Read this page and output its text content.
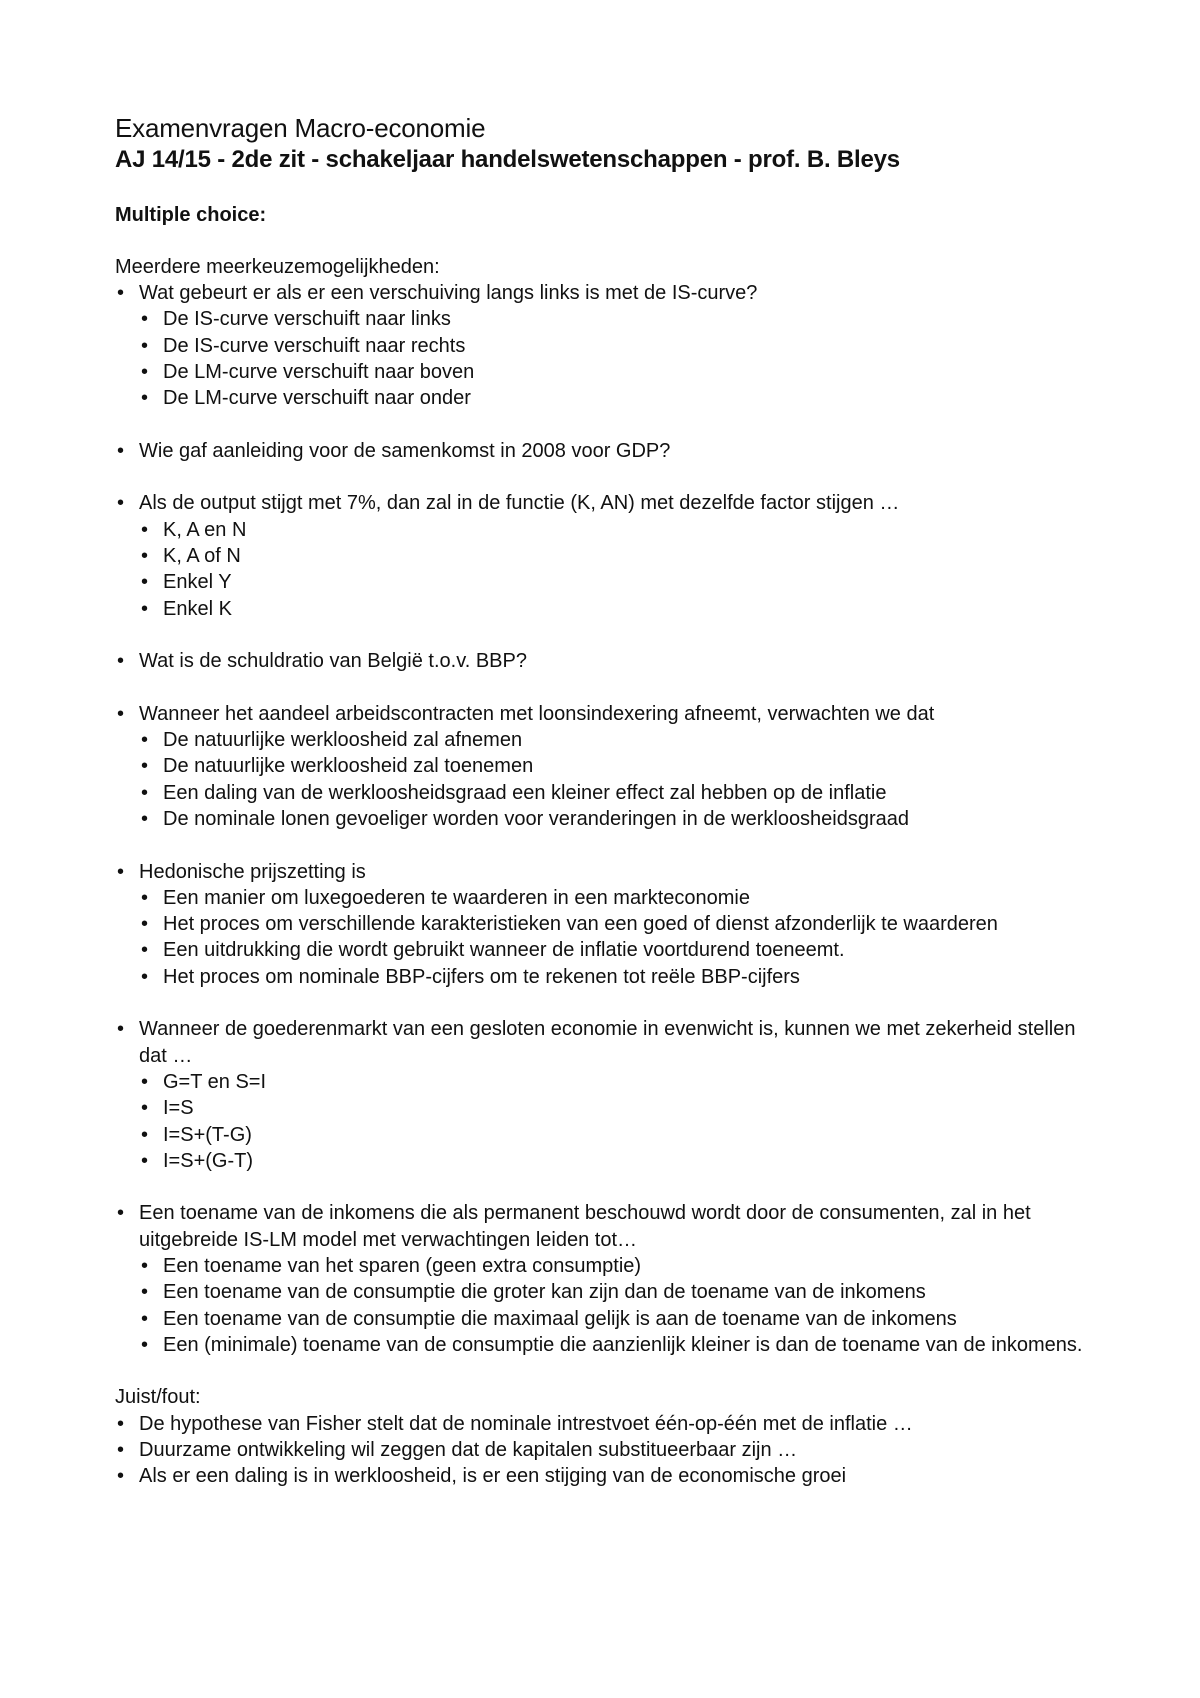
Examenvragen Macro-economie
AJ 14/15 - 2de zit - schakeljaar handelswetenschappen - prof. B. Bleys
Multiple choice:
Meerdere meerkeuzemogelijkheden:
• Wat gebeurt er als er een verschuiving langs links is met de IS-curve?
• De IS-curve verschuift naar links
• De IS-curve verschuift naar rechts
• De LM-curve verschuift naar boven
• De LM-curve verschuift naar onder
• Wie gaf aanleiding voor de samenkomst in 2008 voor GDP?
• Als de output stijgt met 7%, dan zal in de functie (K, AN) met dezelfde factor stijgen …
• K, A en N
• K, A of N
• Enkel Y
• Enkel K
• Wat is de schuldratio van België t.o.v. BBP?
• Wanneer het aandeel arbeidscontracten met loonsindexering afneemt, verwachten we dat
• De natuurlijke werkloosheid zal afnemen
• De natuurlijke werkloosheid zal toenemen
• Een daling van de werkloosheidsgraad een kleiner effect zal hebben op de inflatie
• De nominale lonen gevoeliger worden voor veranderingen in de werkloosheidsgraad
• Hedonische prijszetting is
• Een manier om luxegoederen te waarderen in een markteconomie
• Het proces om verschillende karakteristieken van een goed of dienst afzonderlijk te waarderen
• Een uitdrukking die wordt gebruikt wanneer de inflatie voortdurend toeneemt.
• Het proces om nominale BBP-cijfers om te rekenen tot reële BBP-cijfers
• Wanneer de goederenmarkt van een gesloten economie in evenwicht is, kunnen we met zekerheid stellen dat …
• G=T en S=I
• I=S
• I=S+(T-G)
• I=S+(G-T)
• Een toename van de inkomens die als permanent beschouwd wordt door de consumenten, zal in het uitgebreide IS-LM model met verwachtingen leiden tot…
• Een toename van het sparen (geen extra consumptie)
• Een toename van de consumptie die groter kan zijn dan de toename van de inkomens
• Een toename van de consumptie die maximaal gelijk is aan de toename van de inkomens
• Een (minimale) toename van de consumptie die aanzienlijk kleiner is dan de toename van de inkomens.
Juist/fout:
• De hypothese van Fisher stelt dat de nominale intrestvoet één-op-één met de inflatie …
• Duurzame ontwikkeling wil zeggen dat de kapitalen substitueerbaar zijn …
• Als er een daling is in werkloosheid, is er een stijging van de economische groei
